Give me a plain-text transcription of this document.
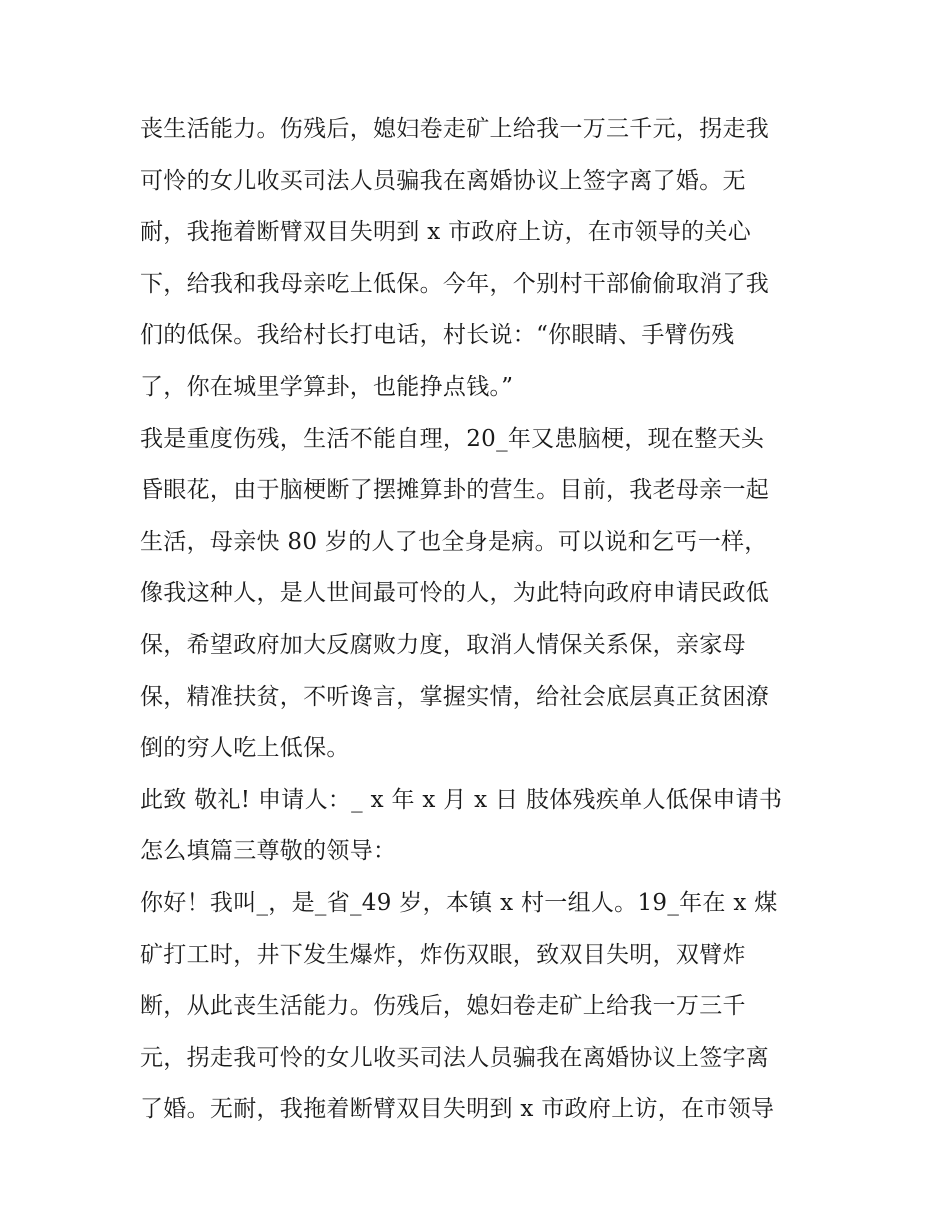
丧生活能力。伤残后，媳妇卷走矿上给我一万三千元，拐走我
可怜的女儿收买司法人员骗我在离婚协议上签字离了婚。无
耐，我拖着断臂双目失明到 x 市政府上访，在市领导的关心
下，给我和我母亲吃上低保。今年，个别村干部偷偷取消了我
们的低保。我给村长打电话，村长说：“你眼睛、手臂伤残
了，你在城里学算卦，也能挣点钱。”
我是重度伤残，生活不能自理，20_年又患脑梗，现在整天头
昏眼花，由于脑梗断了摆摊算卦的营生。目前，我老母亲一起
生活，母亲快 80 岁的人了也全身是病。可以说和乞丐一样，
像我这种人，是人世间最可怜的人，为此特向政府申请民政低
保，希望政府加大反腐败力度，取消人情保关系保，亲家母
保，精准扶贫，不听谗言，掌握实情，给社会底层真正贫困潦
倒的穷人吃上低保。
此致 敬礼! 申请人：_ x 年 x 月 x 日 肢体残疾单人低保申请书
怎么填篇三尊敬的领导：
你好！我叫_，是_省_49 岁，本镇 x 村一组人。19_年在 x 煤
矿打工时，井下发生爆炸，炸伤双眼，致双目失明，双臂炸
断，从此丧生活能力。伤残后，媳妇卷走矿上给我一万三千
元，拐走我可怜的女儿收买司法人员骗我在离婚协议上签字离
了婚。无耐，我拖着断臂双目失明到 x 市政府上访，在市领导
